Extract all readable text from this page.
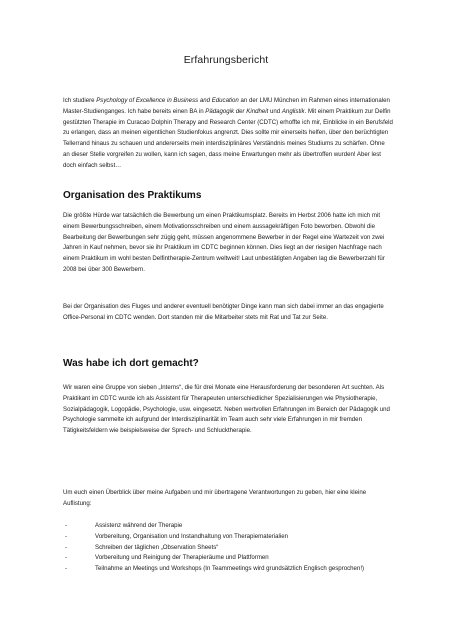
Erfahrungsbericht

Ich studiere Psychology of Excellence in Business and Education an der LMU München im Rahmen eines internationalen Master-Studienganges. Ich habe bereits einen BA in Pädagogik der Kindheit und Anglistik. Mit einem Praktikum zur Delfin gestützten Therapie im Curacao Dolphin Therapy and Research Center (CDTC) erhoffte ich mir, Einblicke in ein Berufsfeld zu erlangen, dass an meinen eigentlichen Studienfokus angrenzt. Dies sollte mir einerseits helfen, über den berüchtigten Tellerrand hinaus zu schauen und andererseits mein interdisziplinäres Verständnis meines Studiums zu schärfen. Ohne an dieser Stelle vorgreifen zu wollen, kann ich sagen, dass meine Erwartungen mehr als übertroffen wurden! Aber lest doch einfach selbst…

Organisation des Praktikums

Die größte Hürde war tatsächlich die Bewerbung um einen Praktikumsplatz. Bereits im Herbst 2006 hatte ich mich mit einem Bewerbungsschreiben, einem Motivationsschreiben und einem aussagekräftigen Foto beworben. Obwohl die Bearbeitung der Bewerbungen sehr zügig geht, müssen angenommene Bewerber in der Regel eine Wartezeit von zwei Jahren in Kauf nehmen, bevor sie ihr Praktikum im CDTC beginnen können. Dies liegt an der riesigen Nachfrage nach einem Praktikum im wohl besten Delfintherapie-Zentrum weltweit! Laut unbestätigten Angaben lag die Bewerberzahl für 2008 bei über 300 Bewerbern.

Bei der Organisation des Fluges und anderer eventuell benötigter Dinge kann man sich dabei immer an das engagierte Office-Personal im CDTC wenden. Dort standen mir die Mitarbeiter stets mit Rat und Tat zur Seite.

Was habe ich dort gemacht?

Wir waren eine Gruppe von sieben „Interns“, die für drei Monate eine Herausforderung der besonderen Art suchten. Als Praktikant im CDTC wurde ich als Assistent für Therapeuten unterschiedlicher Spezialisierungen wie Physiotherapie, Sozialpädagogik, Logopädie, Psychologie, usw. eingesetzt. Neben wertvollen Erfahrungen im Bereich der Pädagogik und Psychologie sammelte ich aufgrund der Interdisziplinarität im Team auch sehr viele Erfahrungen in mir fremden Tätigkeitsfeldern wie beispielsweise der Sprech- und Schlucktherapie.

Um euch einen Überblick über meine Aufgaben und mir übertragene Verantwortungen zu geben, hier eine kleine Auflistung:

-	Assistenz während der Therapie
-	Vorbereitung, Organisation und Instandhaltung von Therapiematerialien
-	Schreiben der täglichen „Observation Sheets“
-	Vorbereitung und Reinigung der Therapieräume und Plattformen
-	Teilnahme an Meetings und Workshops (In Teammeetings wird grundsätzlich Englisch gesprochen!)
